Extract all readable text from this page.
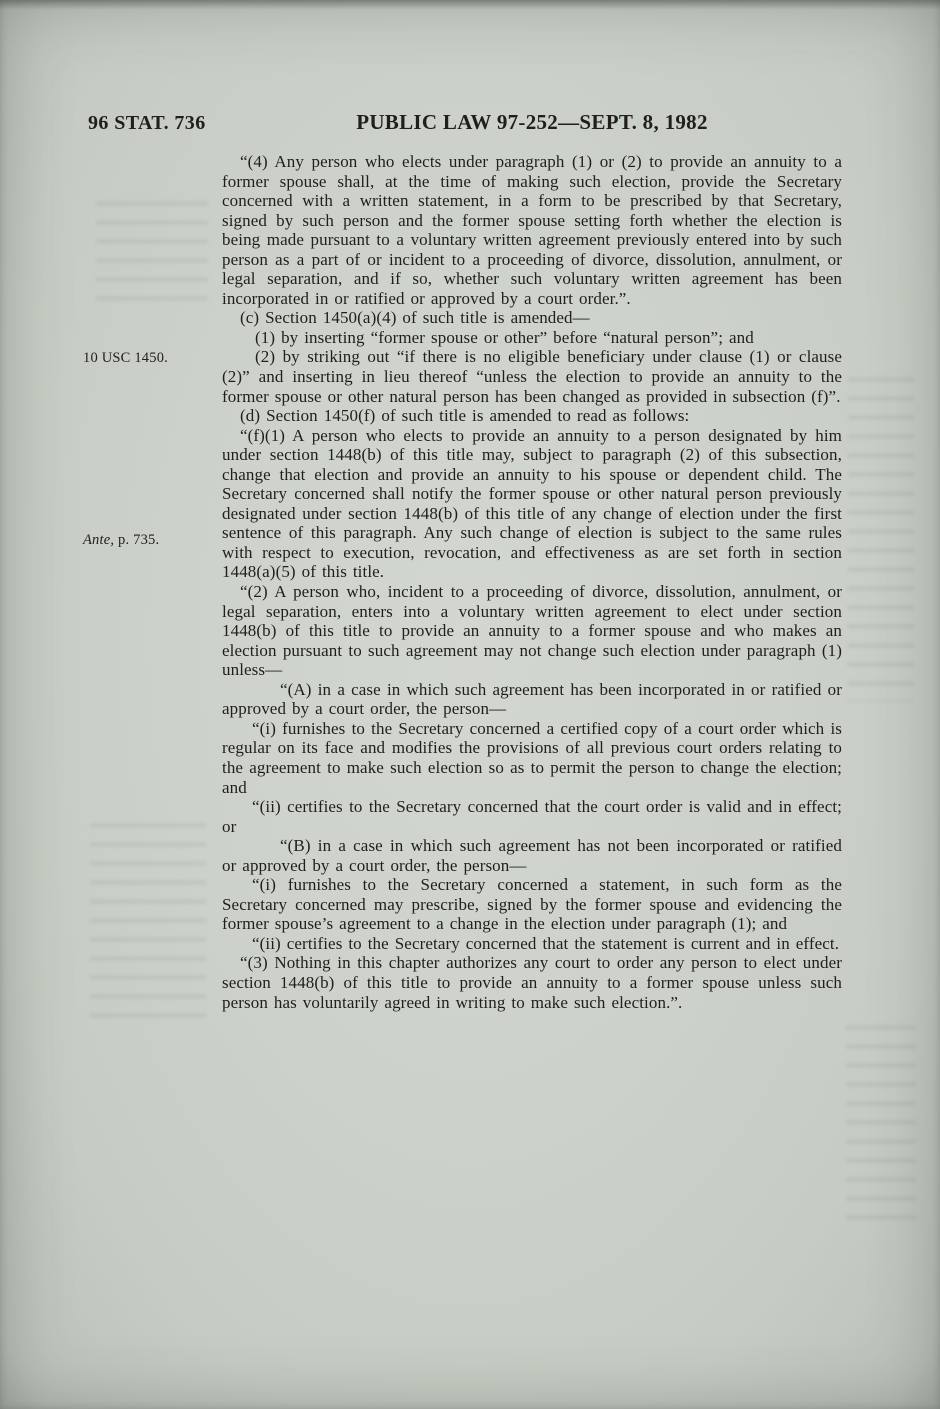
96 STAT. 736	PUBLIC LAW 97-252—SEPT. 8, 1982
10 USC 1450.
Ante, p. 735.

“(4) Any person who elects under paragraph (1) or (2) to provide an annuity to a former spouse shall, at the time of making such election, provide the Secretary concerned with a written statement, in a form to be prescribed by that Secretary, signed by such person and the former spouse setting forth whether the election is being made pursuant to a voluntary written agreement previously entered into by such person as a part of or incident to a proceeding of divorce, dissolution, annulment, or legal separation, and if so, whether such voluntary written agreement has been incorporated in or ratified or approved by a court order.”.

(c) Section 1450(a)(4) of such title is amended—

(1) by inserting “former spouse or other” before “natural person”; and

(2) by striking out “if there is no eligible beneficiary under clause (1) or clause (2)” and inserting in lieu thereof “unless the election to provide an annuity to the former spouse or other natural person has been changed as provided in subsection (f)”.

(d) Section 1450(f) of such title is amended to read as follows:

“(f)(1) A person who elects to provide an annuity to a person designated by him under section 1448(b) of this title may, subject to paragraph (2) of this subsection, change that election and provide an annuity to his spouse or dependent child. The Secretary concerned shall notify the former spouse or other natural person previously designated under section 1448(b) of this title of any change of election under the first sentence of this paragraph. Any such change of election is subject to the same rules with respect to execution, revocation, and effectiveness as are set forth in section 1448(a)(5) of this title.

“(2) A person who, incident to a proceeding of divorce, dissolution, annulment, or legal separation, enters into a voluntary written agreement to elect under section 1448(b) of this title to provide an annuity to a former spouse and who makes an election pursuant to such agreement may not change such election under paragraph (1) unless—

“(A) in a case in which such agreement has been incorporated in or ratified or approved by a court order, the person—

“(i) furnishes to the Secretary concerned a certified copy of a court order which is regular on its face and modifies the provisions of all previous court orders relating to the agreement to make such election so as to permit the person to change the election; and

“(ii) certifies to the Secretary concerned that the court order is valid and in effect; or

“(B) in a case in which such agreement has not been incorporated or ratified or approved by a court order, the person—

“(i) furnishes to the Secretary concerned a statement, in such form as the Secretary concerned may prescribe, signed by the former spouse and evidencing the former spouse’s agreement to a change in the election under paragraph (1); and

“(ii) certifies to the Secretary concerned that the statement is current and in effect.

“(3) Nothing in this chapter authorizes any court to order any person to elect under section 1448(b) of this title to provide an annuity to a former spouse unless such person has voluntarily agreed in writing to make such election.”.
